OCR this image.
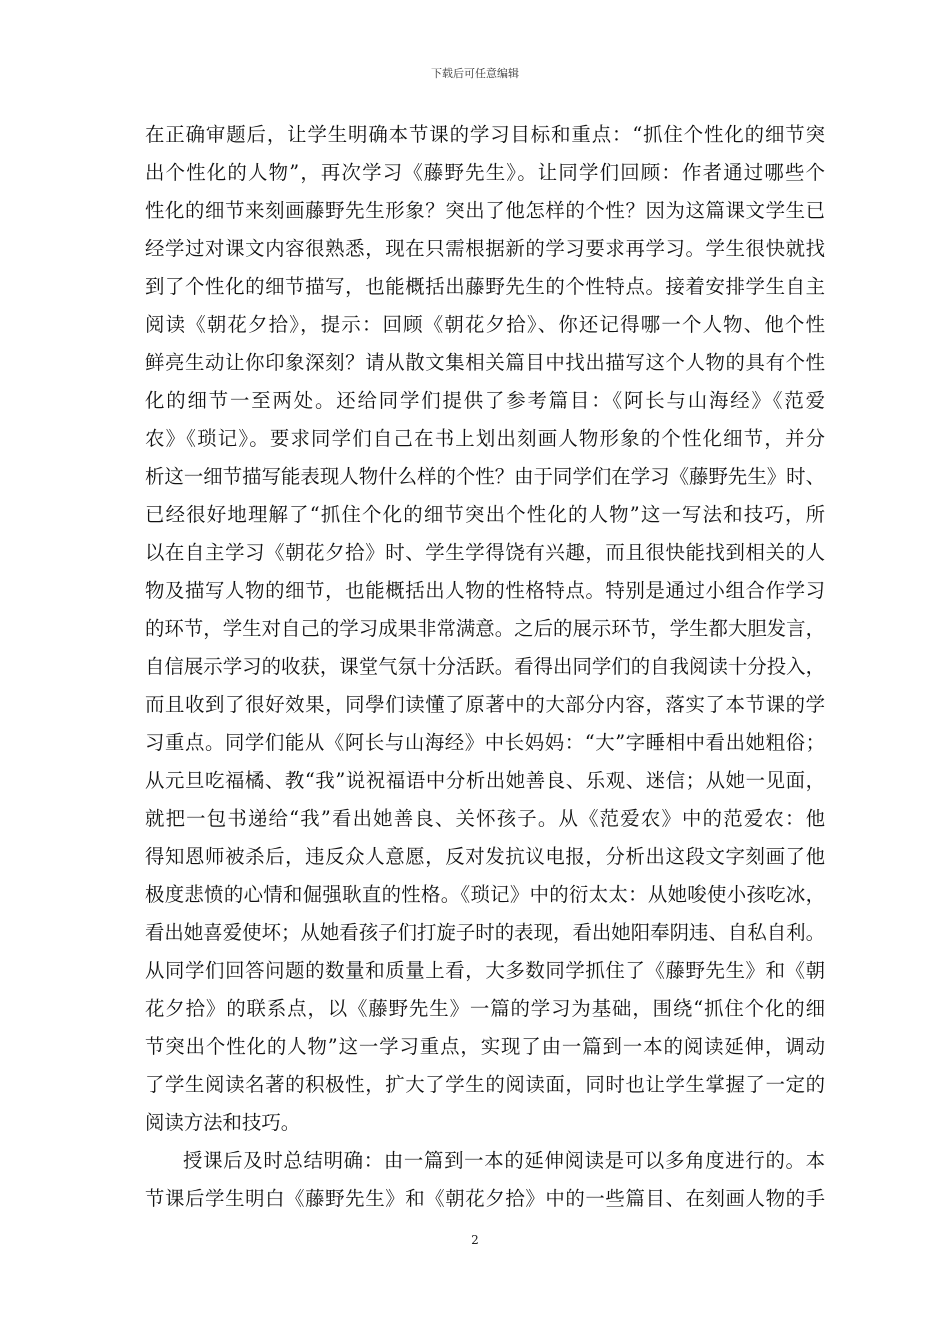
下载后可任意编辑
在正确审题后，让学生明确本节课的学习目标和重点：“抓住个性化的细节突
出个性化的人物”，再次学习《藤野先生》。让同学们回顾：作者通过哪些个
性化的细节来刻画藤野先生形象？突出了他怎样的个性？因为这篇课文学生已
经学过对课文内容很熟悉，现在只需根据新的学习要求再学习。学生很快就找
到了个性化的细节描写，也能概括出藤野先生的个性特点。接着安排学生自主
阅读《朝花夕拾》，提示：回顾《朝花夕拾》、你还记得哪一个人物、他个性
鲜亮生动让你印象深刻？请从散文集相关篇目中找出描写这个人物的具有个性
化的细节一至两处。还给同学们提供了参考篇目：《阿长与山海经》《范爱
农》《琐记》。要求同学们自己在书上划出刻画人物形象的个性化细节，并分
析这一细节描写能表现人物什么样的个性？由于同学们在学习《藤野先生》时、
已经很好地理解了“抓住个化的细节突出个性化的人物”这一写法和技巧，所
以在自主学习《朝花夕拾》时、学生学得饶有兴趣，而且很快能找到相关的人
物及描写人物的细节，也能概括出人物的性格特点。特别是通过小组合作学习
的环节，学生对自己的学习成果非常满意。之后的展示环节，学生都大胆发言，
自信展示学习的收获，课堂气氛十分活跃。看得出同学们的自我阅读十分投入，
而且收到了很好效果，同學们读懂了原著中的大部分内容，落实了本节课的学
习重点。同学们能从《阿长与山海经》中长妈妈：“大”字睡相中看出她粗俗；
从元旦吃福橘、教“我”说祝福语中分析出她善良、乐观、迷信；从她一见面，
就把一包书递给“我”看出她善良、关怀孩子。从《范爱农》中的范爱农：他
得知恩师被杀后，违反众人意愿，反对发抗议电报，分析出这段文字刻画了他
极度悲愤的心情和倔强耿直的性格。《琐记》中的衍太太：从她唆使小孩吃冰，
看出她喜爱使坏；从她看孩子们打旋子时的表现，看出她阳奉阴违、自私自利。
从同学们回答问题的数量和质量上看，大多数同学抓住了《藤野先生》和《朝
花夕拾》的联系点，以《藤野先生》一篇的学习为基础，围绕“抓住个化的细
节突出个性化的人物”这一学习重点，实现了由一篇到一本的阅读延伸，调动
了学生阅读名著的积极性，扩大了学生的阅读面，同时也让学生掌握了一定的
阅读方法和技巧。
授课后及时总结明确：由一篇到一本的延伸阅读是可以多角度进行的。本
节课后学生明白《藤野先生》和《朝花夕拾》中的一些篇目、在刻画人物的手
2
